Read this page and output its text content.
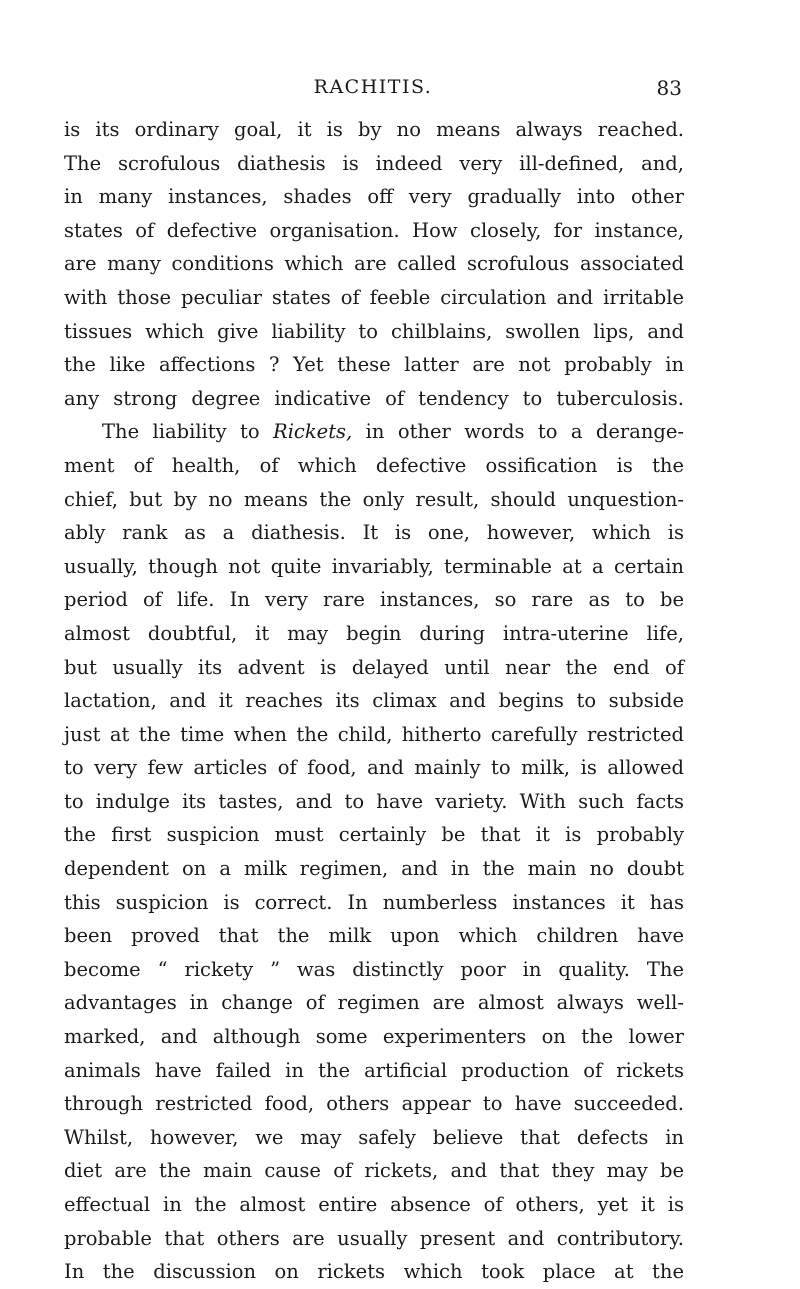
RACHITIS.	83
is its ordinary goal, it is by no means always reached.
The scrofulous diathesis is indeed very ill-defined, and,
in many instances, shades off very gradually into other
states of defective organisation. How closely, for instance,
are many conditions which are called scrofulous associated
with those peculiar states of feeble circulation and irritable
tissues which give liability to chilblains, swollen lips, and
the like affections ? Yet these latter are not probably in
any strong degree indicative of tendency to tuberculosis.
The liability to Rickets, in other words to a derange-
ment of health, of which defective ossification is the
chief, but by no means the only result, should unquestion-
ably rank as a diathesis. It is one, however, which is
usually, though not quite invariably, terminable at a certain
period of life. In very rare instances, so rare as to be
almost doubtful, it may begin during intra-uterine life,
but usually its advent is delayed until near the end of
lactation, and it reaches its climax and begins to subside
just at the time when the child, hitherto carefully restricted
to very few articles of food, and mainly to milk, is allowed
to indulge its tastes, and to have variety. With such facts
the first suspicion must certainly be that it is probably
dependent on a milk regimen, and in the main no doubt
this suspicion is correct. In numberless instances it has
been proved that the milk upon which children have
become “ rickety ” was distinctly poor in quality. The
advantages in change of regimen are almost always well-
marked, and although some experimenters on the lower
animals have failed in the artificial production of rickets
through restricted food, others appear to have succeeded.
Whilst, however, we may safely believe that defects in
diet are the main cause of rickets, and that they may be
effectual in the almost entire absence of others, yet it is
probable that others are usually present and contributory.
In the discussion on rickets which took place at the
